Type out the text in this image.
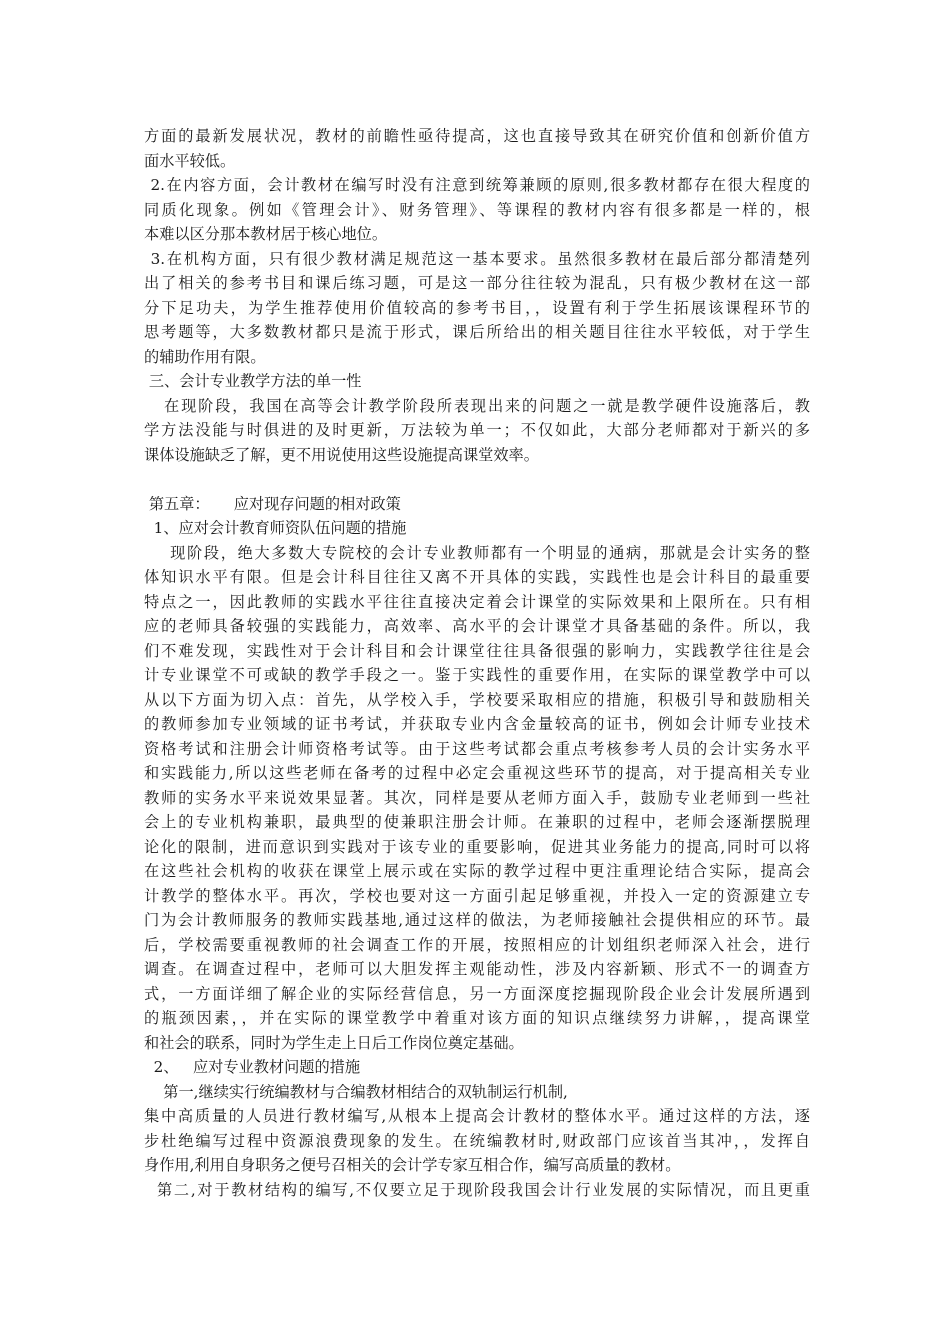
方面的最新发展状况，教材的前瞻性亟待提高，这也直接导致其在研究价值和创新价值方
面水平较低。
2.在内容方面，会计教材在编写时没有注意到统筹兼顾的原则,很多教材都存在很大程度的
同质化现象。例如《管理会计》、财务管理》、等课程的教材内容有很多都是一样的，根
本难以区分那本教材居于核心地位。
3.在机构方面，只有很少教材满足规范这一基本要求。虽然很多教材在最后部分都清楚列
出了相关的参考书目和课后练习题，可是这一部分往往较为混乱，只有极少教材在这一部
分下足功夫，为学生推荐使用价值较高的参考书目，，设置有利于学生拓展该课程环节的
思考题等，大多数教材都只是流于形式，课后所给出的相关题目往往水平较低，对于学生
的辅助作用有限。
三、会计专业教学方法的单一性
在现阶段，我国在高等会计教学阶段所表现出来的问题之一就是教学硬件设施落后，教
学方法没能与时俱进的及时更新，万法较为单一；不仅如此，大部分老师都对于新兴的多
课体设施缺乏了解，更不用说使用这些设施提高课堂效率。
第五章：     应对现存问题的相对政策
1、应对会计教育师资队伍问题的措施
现阶段，绝大多数大专院校的会计专业教师都有一个明显的通病，那就是会计实务的整
体知识水平有限。但是会计科目往往又离不开具体的实践，实践性也是会计科目的最重要
特点之一，因此教师的实践水平往往直接决定着会计课堂的实际效果和上限所在。只有相
应的老师具备较强的实践能力，高效率、高水平的会计课堂才具备基础的条件。所以，我
们不难发现，实践性对于会计科目和会计课堂往往具备很强的影响力，实践教学往往是会
计专业课堂不可或缺的教学手段之一。鉴于实践性的重要作用，在实际的课堂教学中可以
从以下方面为切入点：首先，从学校入手，学校要采取相应的措施，积极引导和鼓励相关
的教师参加专业领域的证书考试，并获取专业内含金量较高的证书，例如会计师专业技术
资格考试和注册会计师资格考试等。由于这些考试都会重点考核参考人员的会计实务水平
和实践能力,所以这些老师在备考的过程中必定会重视这些环节的提高，对于提高相关专业
教师的实务水平来说效果显著。其次，同样是要从老师方面入手，鼓励专业老师到一些社
会上的专业机构兼职，最典型的使兼职注册会计师。在兼职的过程中，老师会逐渐摆脱理
论化的限制，进而意识到实践对于该专业的重要影响，促进其业务能力的提高,同时可以将
在这些社会机构的收获在课堂上展示或在实际的教学过程中更注重理论结合实际，提高会
计教学的整体水平。再次，学校也要对这一方面引起足够重视，并投入一定的资源建立专
门为会计教师服务的教师实践基地,通过这样的做法，为老师接触社会提供相应的环节。最
后，学校需要重视教师的社会调查工作的开展，按照相应的计划组织老师深入社会，进行
调查。在调查过程中，老师可以大胆发挥主观能动性，涉及内容新颖、形式不一的调查方
式，一方面详细了解企业的实际经营信息，另一方面深度挖掘现阶段企业会计发展所遇到
的瓶颈因素，，并在实际的课堂教学中着重对该方面的知识点继续努力讲解，，提高课堂
和社会的联系，同时为学生走上日后工作岗位奠定基础。
2、   应对专业教材问题的措施
第一,继续实行统编教材与合编教材相结合的双轨制运行机制,
集中高质量的人员进行教材编写,从根本上提高会计教材的整体水平。通过这样的方法，逐
步杜绝编写过程中资源浪费现象的发生。在统编教材时,财政部门应该首当其冲，，发挥自
身作用,利用自身职务之便号召相关的会计学专家互相合作，编写高质量的教材。
第二,对于教材结构的编写,不仅要立足于现阶段我国会计行业发展的实际情况，而且更重
